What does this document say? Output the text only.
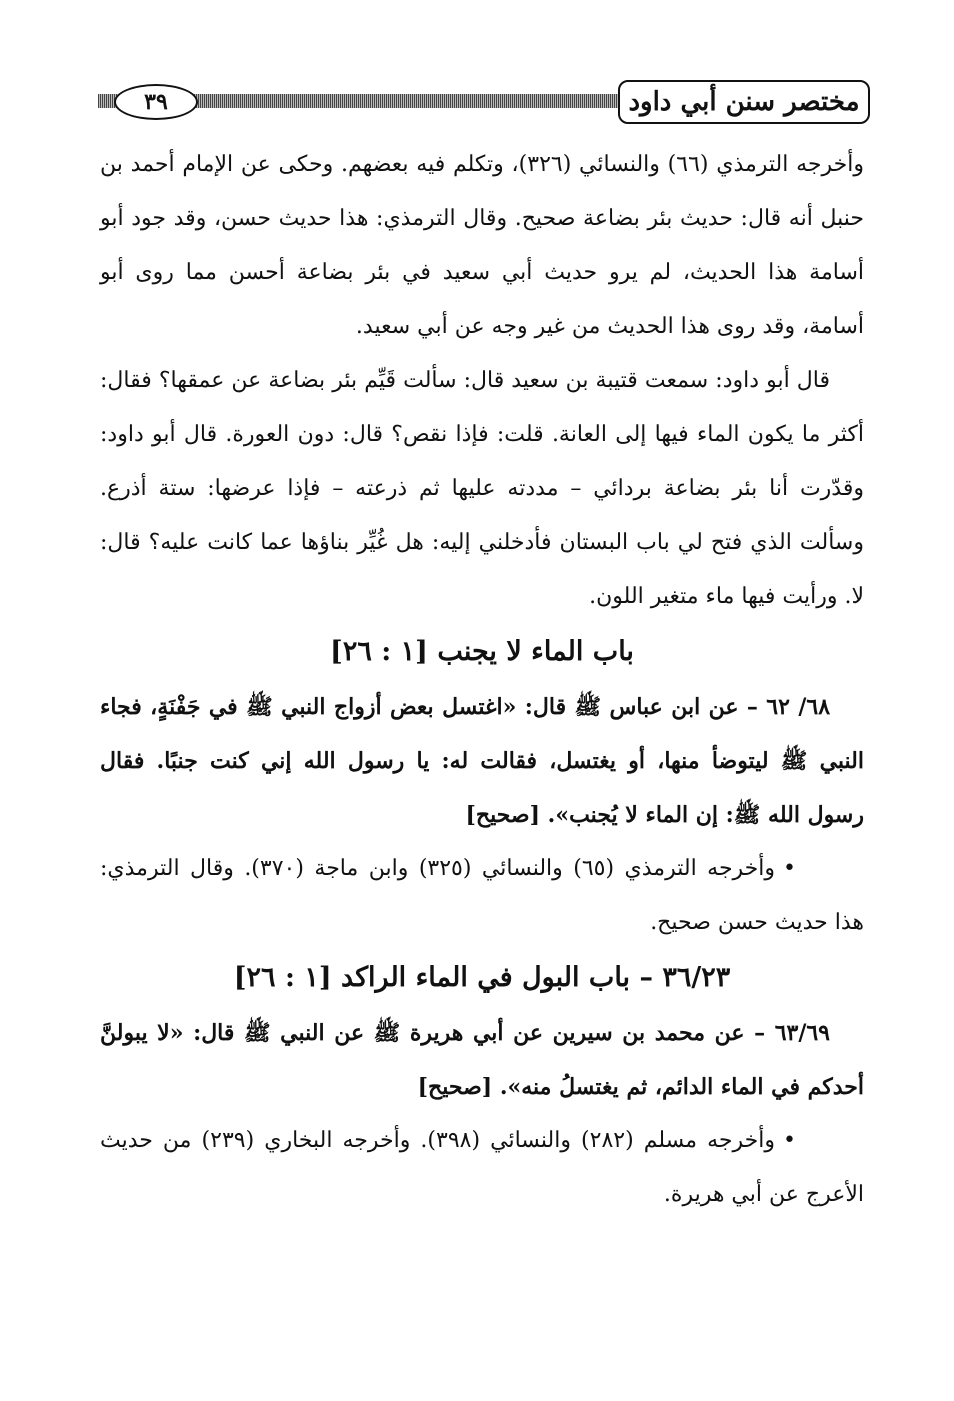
٣٩	مختصر سنن أبي داود

وأخرجه الترمذي (٦٦) والنسائي (٣٢٦)، وتكلم فيه بعضهم. وحكى عن الإمام أحمد بن حنبل أنه قال: حديث بئر بضاعة صحيح. وقال الترمذي: هذا حديث حسن، وقد جود أبو أسامة هذا الحديث، لم يرو حديث أبي سعيد في بئر بضاعة أحسن مما روى أبو أسامة، وقد روى هذا الحديث من غير وجه عن أبي سعيد.

قال أبو داود: سمعت قتيبة بن سعيد قال: سألت قَيِّم بئر بضاعة عن عمقها؟ فقال: أكثر ما يكون الماء فيها إلى العانة. قلت: فإذا نقص؟ قال: دون العورة. قال أبو داود: وقدّرت أنا بئر بضاعة بردائي – مددته عليها ثم ذرعته – فإذا عرضها: ستة أذرع. وسألت الذي فتح لي باب البستان فأدخلني إليه: هل غُيِّر بناؤها عما كانت عليه؟ قال: لا. ورأيت فيها ماء متغير اللون.

باب الماء لا يجنب [١ : ٢٦]

٦٨/ ٦٢ – عن ابن عباس ﷺ قال: «اغتسل بعض أزواج النبي ﷺ في جَفْنَةٍ، فجاء النبي ﷺ ليتوضأ منها، أو يغتسل، فقالت له: يا رسول الله إني كنت جنبًا. فقال رسول الله ﷺ: إن الماء لا يُجنب». [صحيح]

•وأخرجه الترمذي (٦٥) والنسائي (٣٢٥) وابن ماجة (٣٧٠). وقال الترمذي: هذا حديث حسن صحيح.

٣٦/٢٣ – باب البول في الماء الراكد [١ : ٢٦]

٦٣/٦٩ – عن محمد بن سيرين عن أبي هريرة ﷺ عن النبي ﷺ قال: «لا يبولنَّ أحدكم في الماء الدائم، ثم يغتسلُ منه». [صحيح]

•وأخرجه مسلم (٢٨٢) والنسائي (٣٩٨). وأخرجه البخاري (٢٣٩) من حديث الأعرج عن أبي هريرة.
